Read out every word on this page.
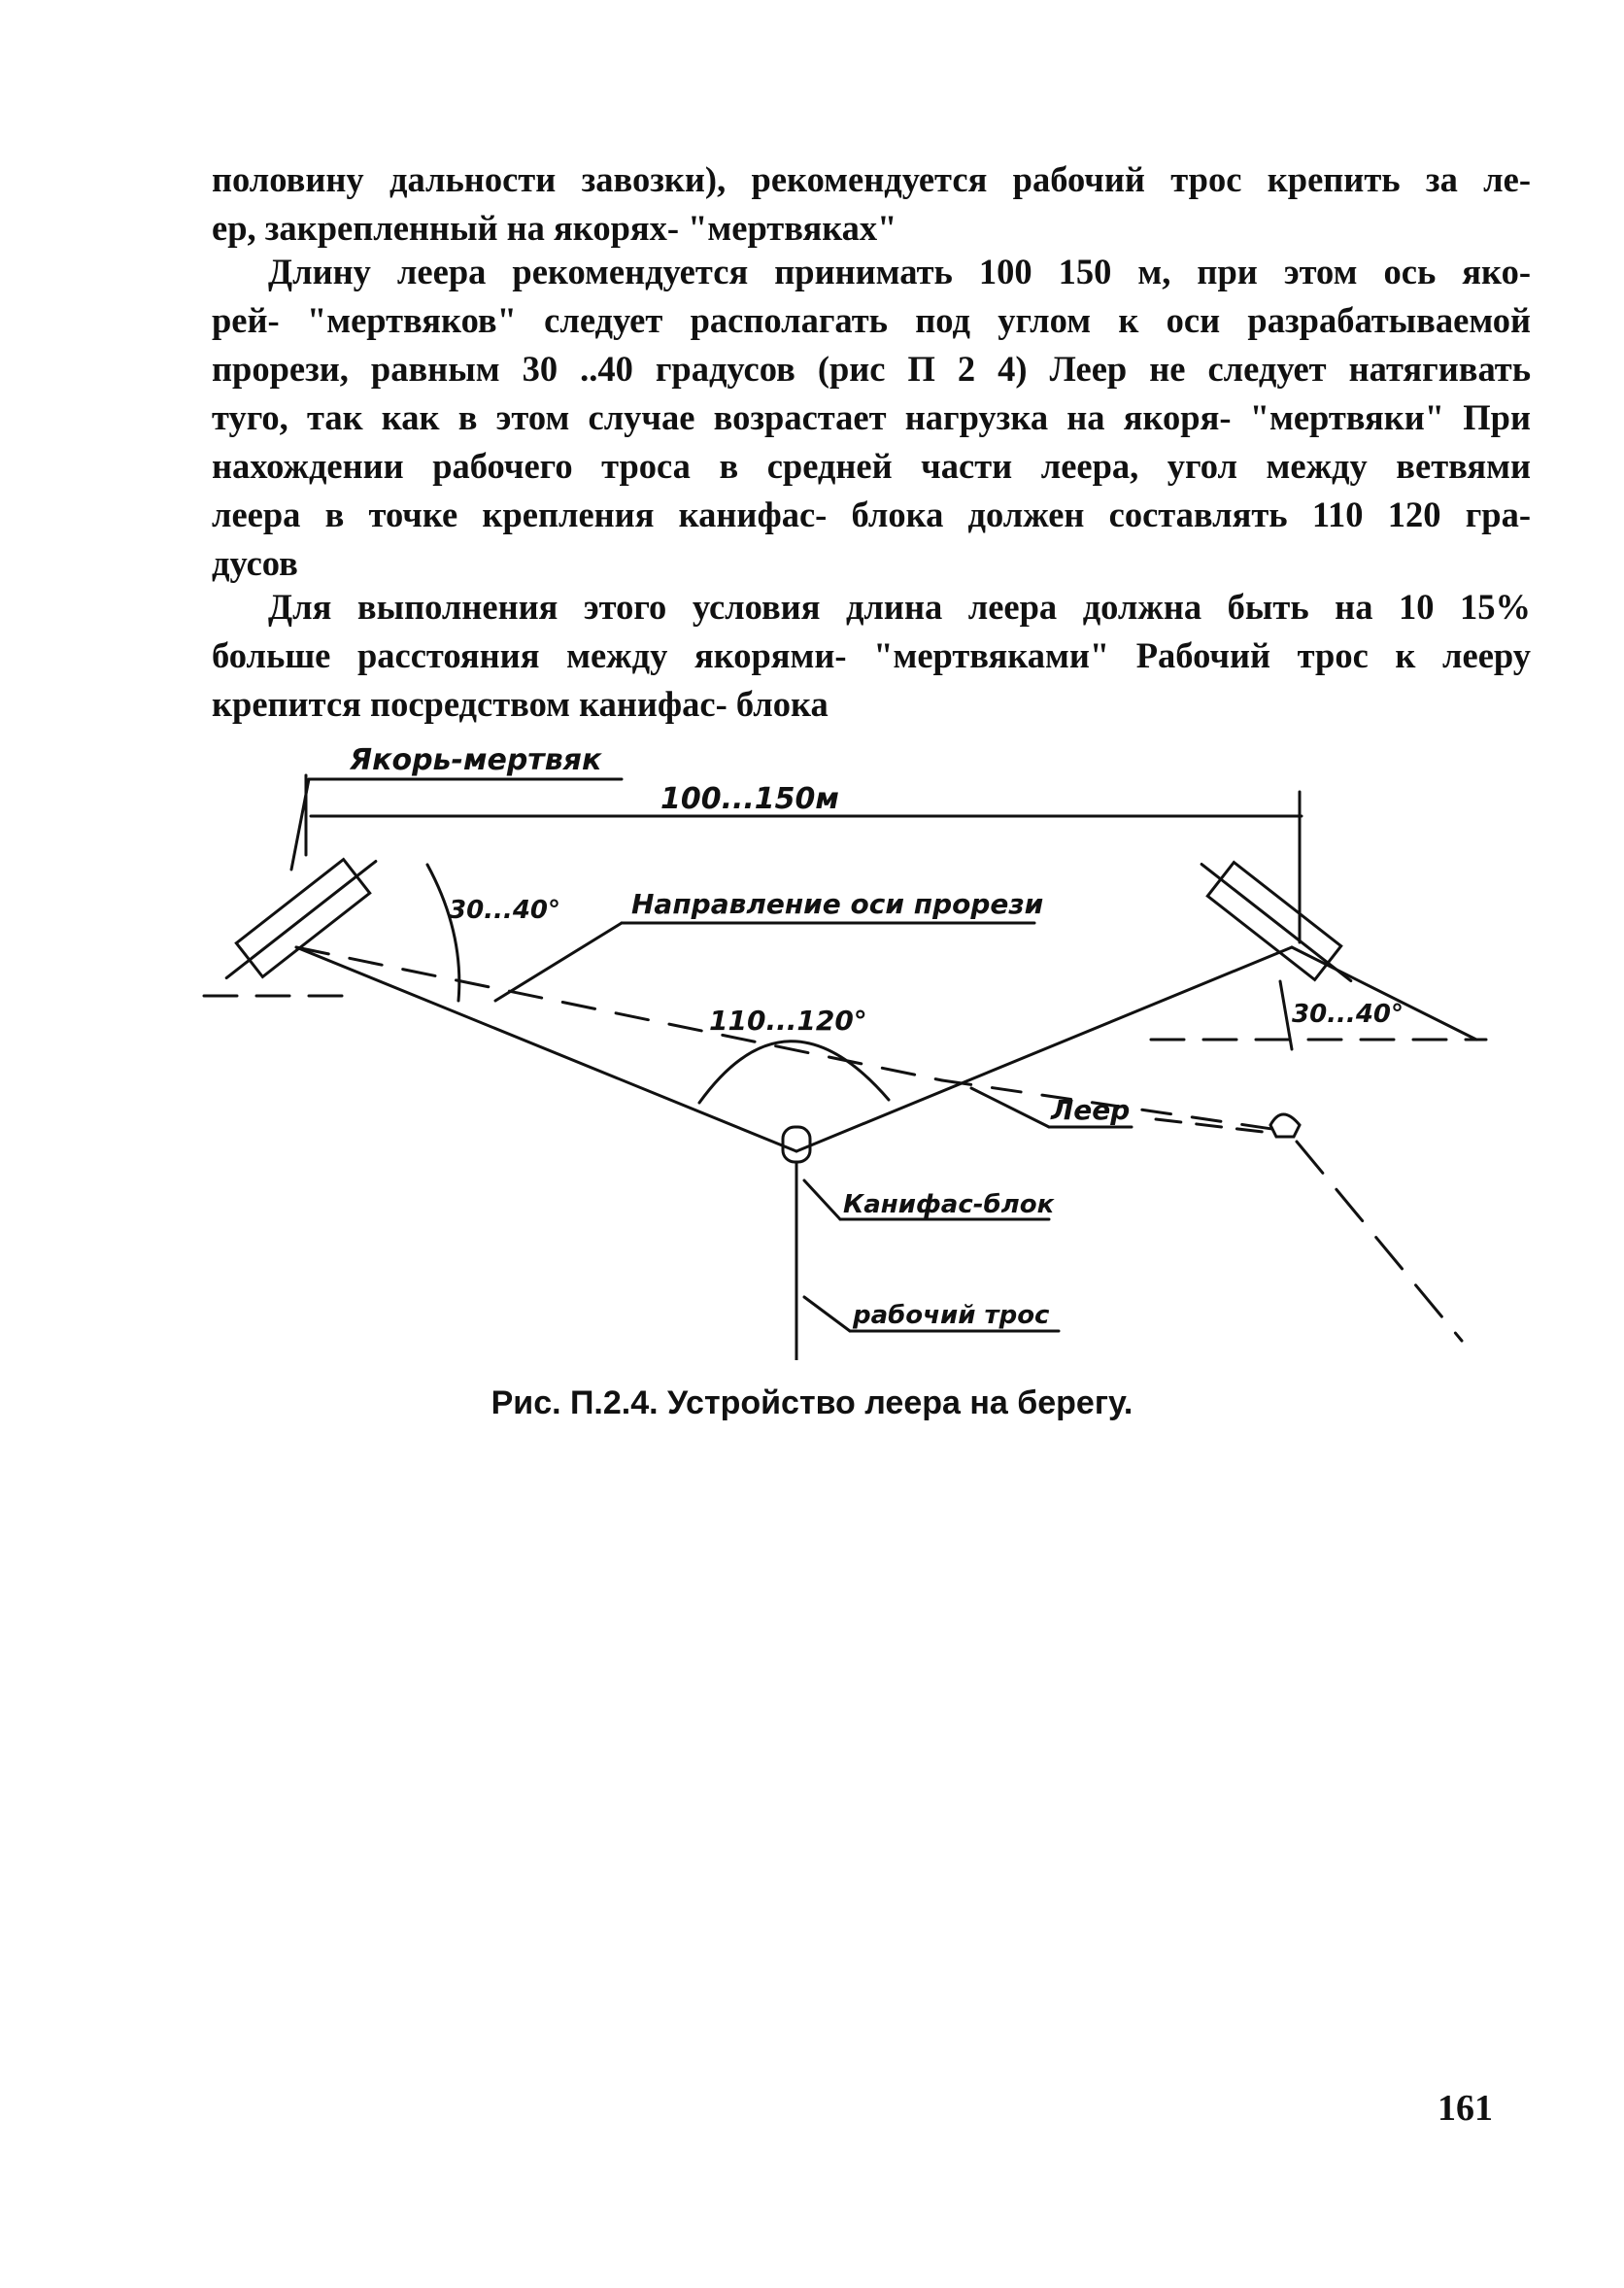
половину дальности завозки), рекомендуется рабочий трос крепить за ле-
ер, закрепленный на якорях- "мертвяках"
Длину леера рекомендуется принимать 100 150 м, при этом ось яко-
рей- "мертвяков" следует располагать под углом к оси разрабатываемой
прорези, равным 30 ..40 градусов (рис П 2 4) Леер не следует натягивать
туго, так как в этом случае возрастает нагрузка на якоря- "мертвяки" При
нахождении рабочего троса в средней части леера, угол между ветвями
леера в точке крепления канифас- блока должен составлять 110 120 гра-
дусов
Для выполнения этого условия длина леера должна быть на 10 15%
больше расстояния между якорями- "мертвяками" Рабочий трос к лееру
крепится посредством канифас- блока
Якорь-мертвяк
100...150м
30...40°	Направление оси прорези
110...120°	30...40°
Леер
Канифас-блок
рабочий трос
Рис. П.2.4. Устройство леера на берегу.
161
